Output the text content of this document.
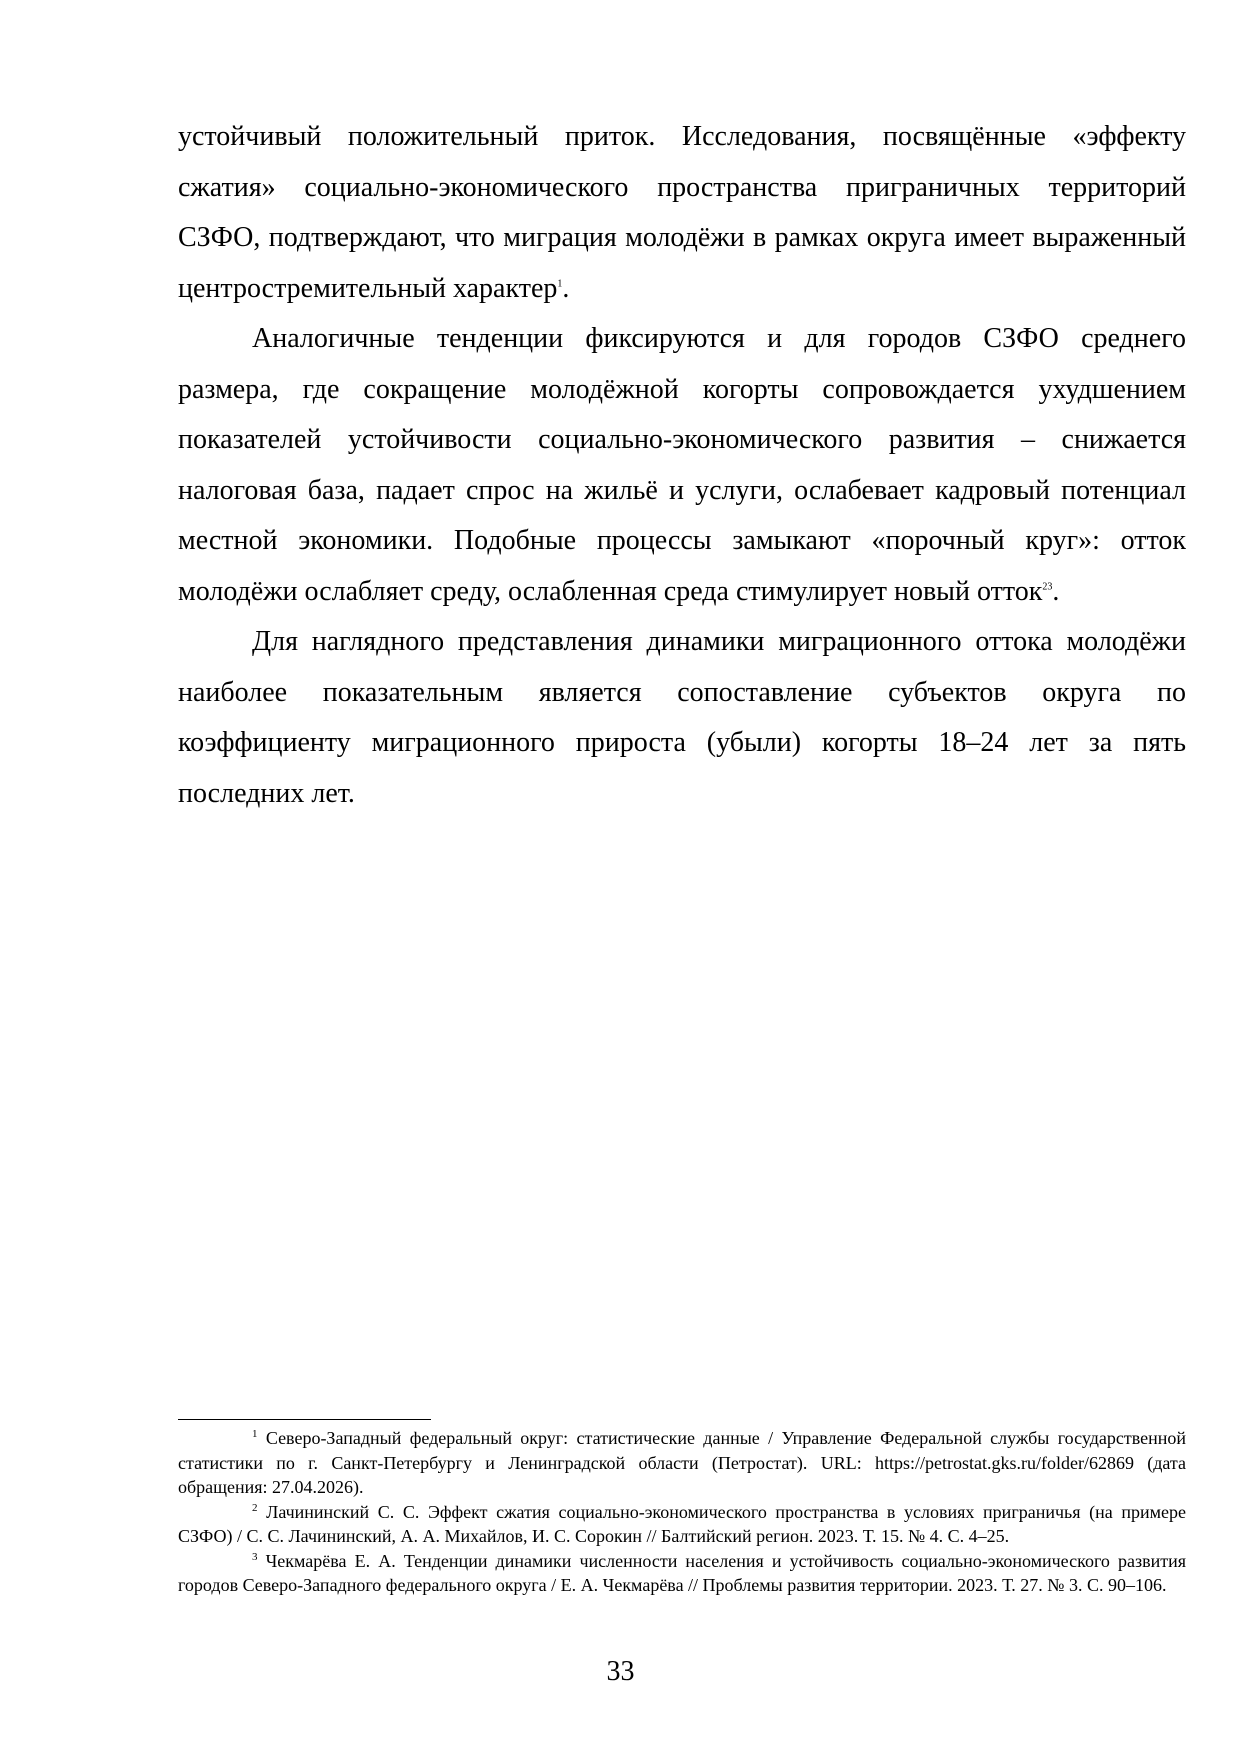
устойчивый положительный приток. Исследования, посвящённые «эффекту сжатия» социально-экономического пространства приграничных территорий СЗФО, подтверждают, что миграция молодёжи в рамках округа имеет выраженный центростремительный характер$^1$.

Аналогичные тенденции фиксируются и для городов СЗФО среднего размера, где сокращение молодёжной когорты сопровождается ухудшением показателей устойчивости социально-экономического развития – снижается налоговая база, падает спрос на жильё и услуги, ослабевает кадровый потенциал местной экономики. Подобные процессы замыкают «порочный круг»: отток молодёжи ослабляет среду, ослабленная среда стимулирует новый отток$^{23}$.

Для наглядного представления динамики миграционного оттока молодёжи наиболее показательным является сопоставление субъектов округа по коэффициенту миграционного прироста (убыли) когорты 18–24 лет за пять последних лет.

$^1$ Северо-Западный федеральный округ: статистические данные / Управление Федеральной службы государственной статистики по г. Санкт-Петербургу и Ленинградской области (Петростат). URL: https://petrostat.gks.ru/folder/62869 (дата обращения: 27.04.2026).

$^2$ Лачининский С. С. Эффект сжатия социально-экономического пространства в условиях приграничья (на примере СЗФО) / С. С. Лачининский, А. А. Михайлов, И. С. Сорокин // Балтийский регион. 2023. Т. 15. № 4. С. 4–25.

$^3$ Чекмарёва Е. А. Тенденции динамики численности населения и устойчивость социально-экономического развития городов Северо-Западного федерального округа / Е. А. Чекмарёва // Проблемы развития территории. 2023. Т. 27. № 3. С. 90–106.

33
